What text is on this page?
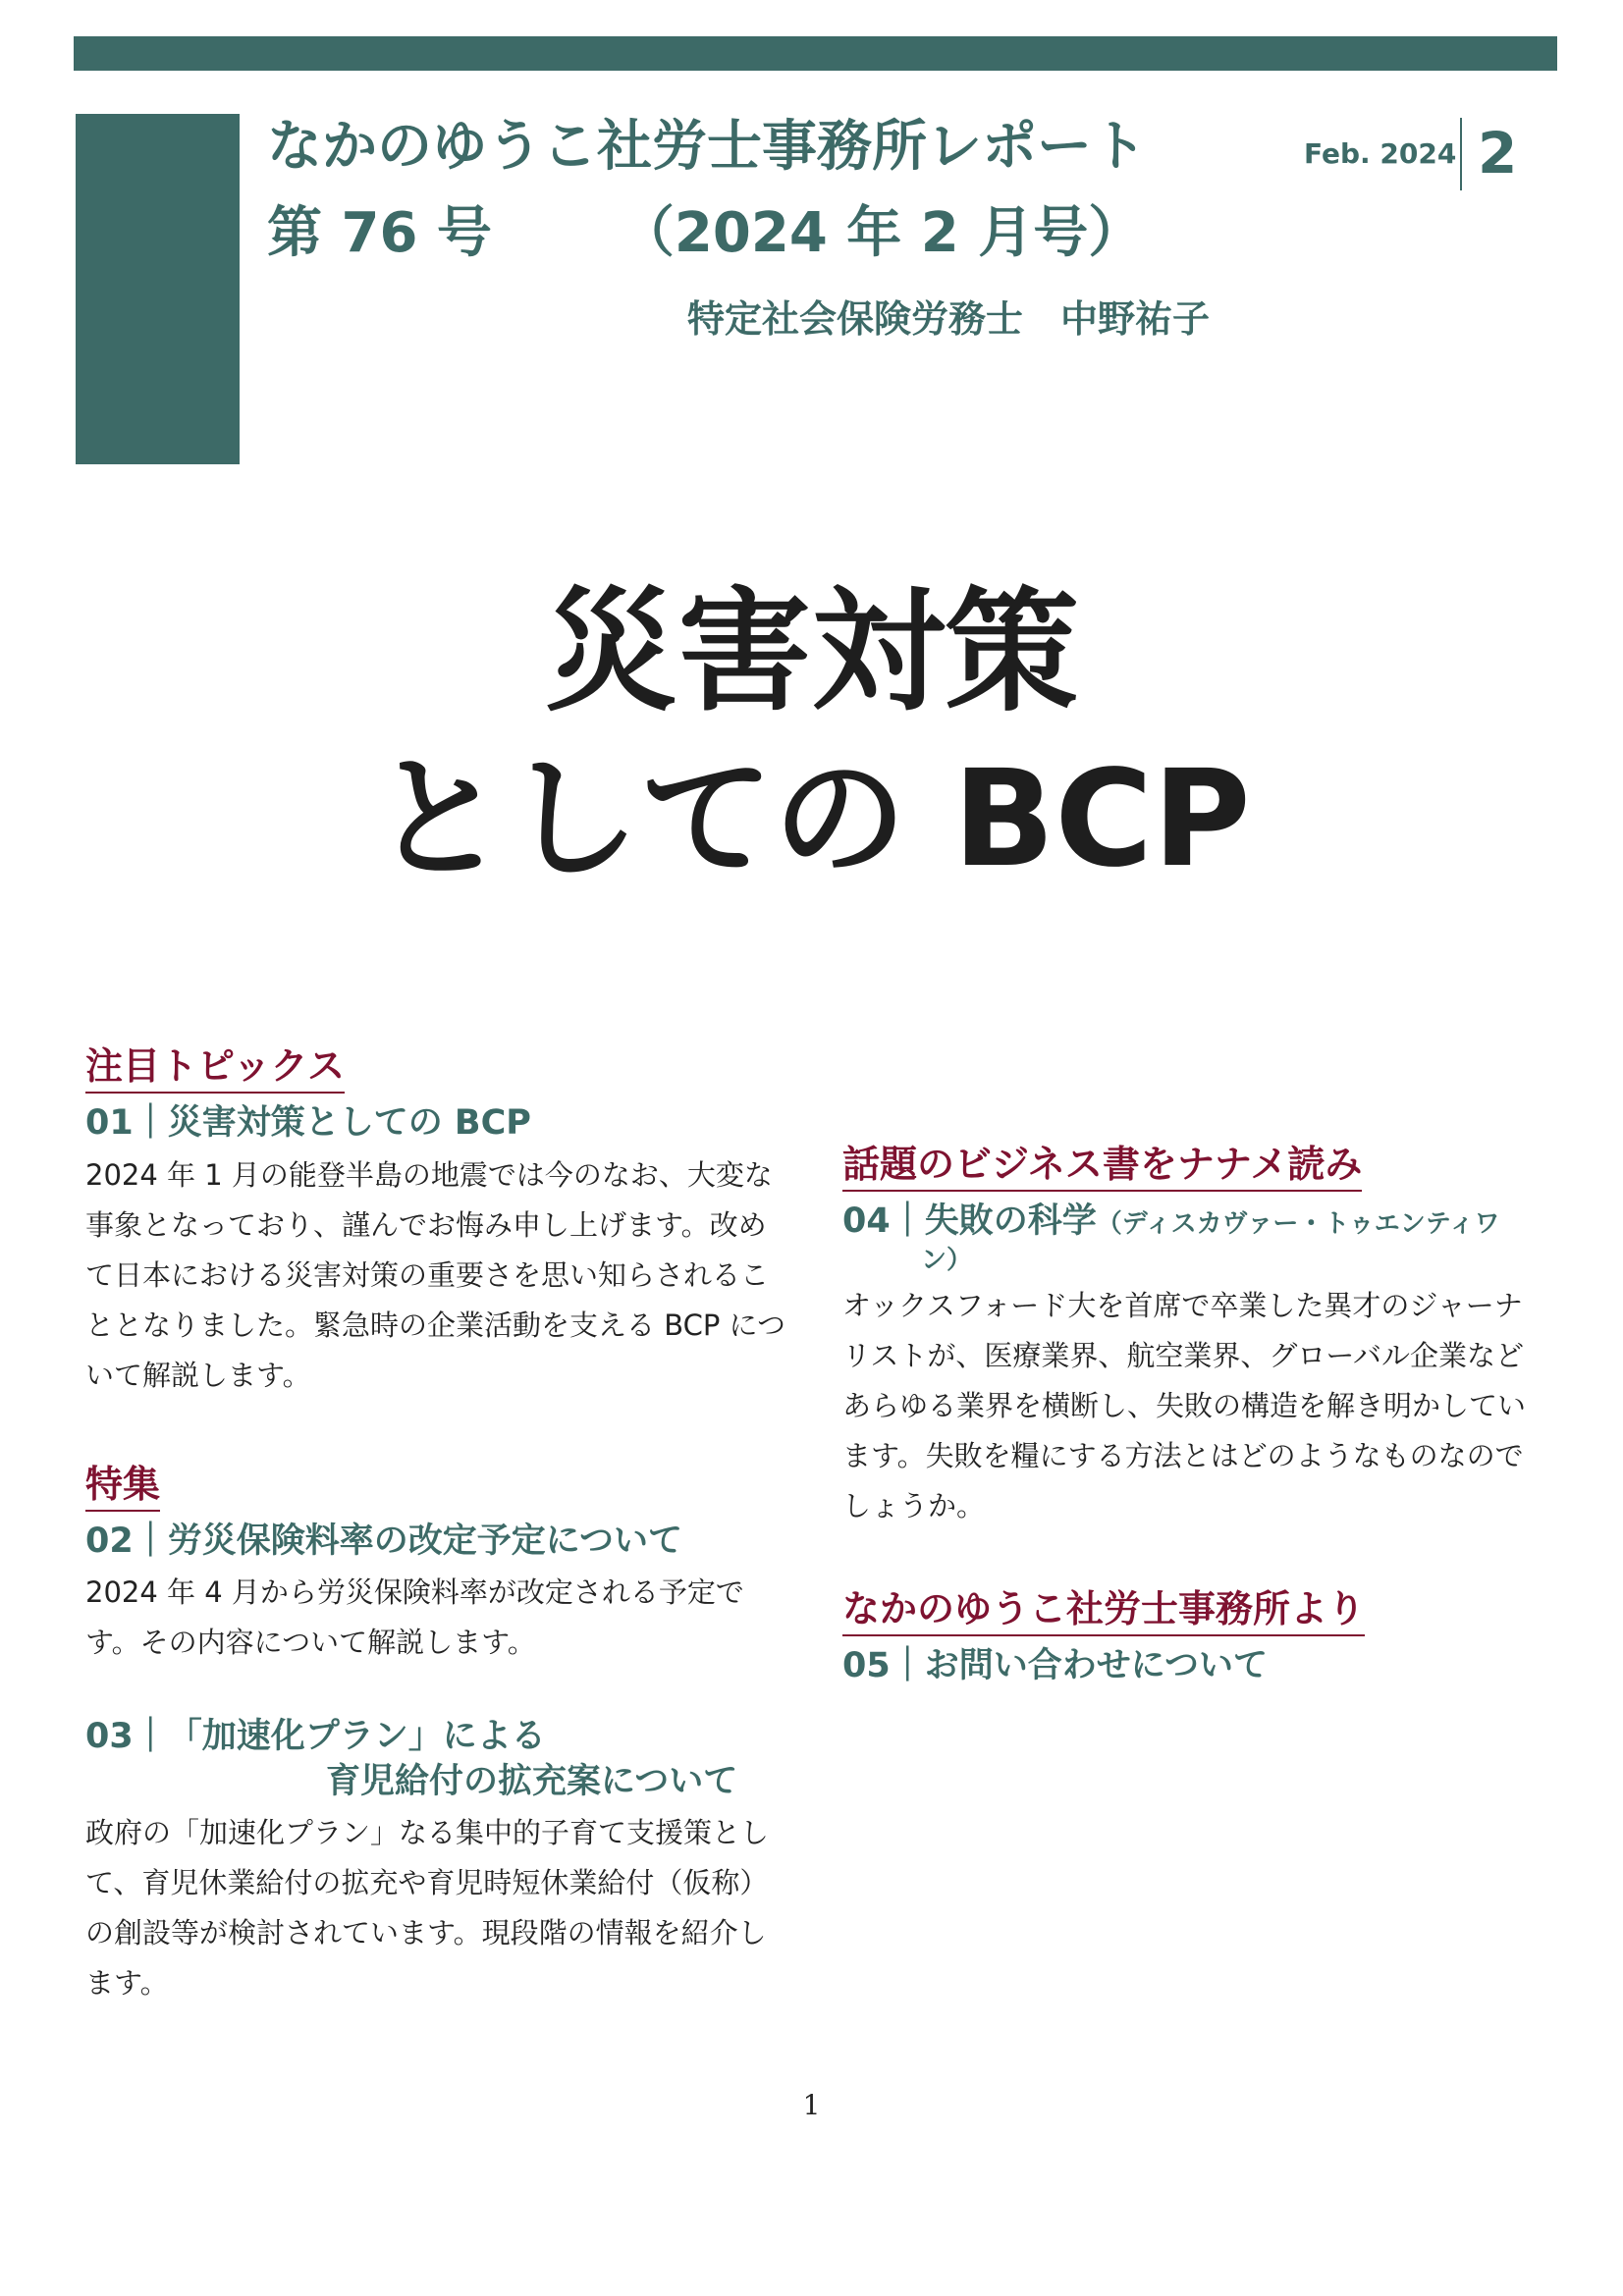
なかのゆうこ社労士事務所レポート
第 76 号 （2024 年 2 月号）
特定社会保険労務士　中野祐子
Feb. 2024 2
災害対策
としての BCP
注目トピックス
01｜災害対策としての BCP
2024 年 1 月の能登半島の地震では今のなお、大変な事象となっており、謹んでお悔み申し上げます。改めて日本における災害対策の重要さを思い知らされることとなりました。緊急時の企業活動を支える BCP について解説します。
特集
02｜労災保険料率の改定予定について
2024 年 4 月から労災保険料率が改定される予定です。その内容について解説します。
03｜「加速化プラン」による
育児給付の拡充案について
政府の「加速化プラン」なる集中的子育て支援策として、育児休業給付の拡充や育児時短休業給付（仮称）の創設等が検討されています。現段階の情報を紹介します。
話題のビジネス書をナナメ読み
04｜失敗の科学（ディスカヴァー・トゥエンティワ
ン）
オックスフォード大を首席で卒業した異才のジャーナリストが、医療業界、航空業界、グローバル企業などあらゆる業界を横断し、失敗の構造を解き明かしています。失敗を糧にする方法とはどのようなものなのでしょうか。
なかのゆうこ社労士事務所より
05｜お問い合わせについて
1
